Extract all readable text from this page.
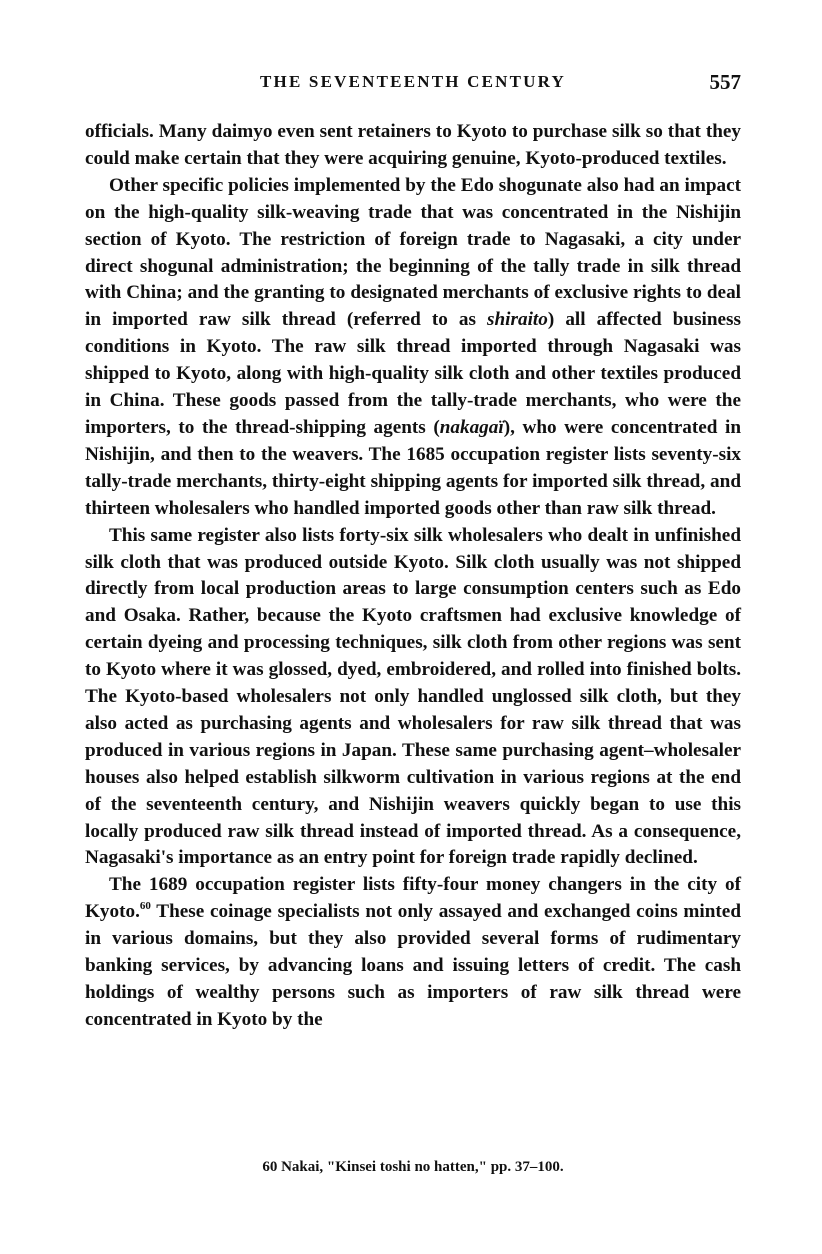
THE SEVENTEENTH CENTURY	557

officials. Many daimyo even sent retainers to Kyoto to purchase silk so that they could make certain that they were acquiring genuine, Kyoto-produced textiles.

Other specific policies implemented by the Edo shogunate also had an impact on the high-quality silk-weaving trade that was concentrated in the Nishijin section of Kyoto. The restriction of foreign trade to Nagasaki, a city under direct shogunal administration; the beginning of the tally trade in silk thread with China; and the granting to designated merchants of exclusive rights to deal in imported raw silk thread (referred to as shiraito) all affected business conditions in Kyoto. The raw silk thread imported through Nagasaki was shipped to Kyoto, along with high-quality silk cloth and other textiles produced in China. These goods passed from the tally-trade merchants, who were the importers, to the thread-shipping agents (nakagaï), who were concentrated in Nishijin, and then to the weavers. The 1685 occupation register lists seventy-six tally-trade merchants, thirty-eight shipping agents for imported silk thread, and thirteen wholesalers who handled imported goods other than raw silk thread.

This same register also lists forty-six silk wholesalers who dealt in unfinished silk cloth that was produced outside Kyoto. Silk cloth usually was not shipped directly from local production areas to large consumption centers such as Edo and Osaka. Rather, because the Kyoto craftsmen had exclusive knowledge of certain dyeing and processing techniques, silk cloth from other regions was sent to Kyoto where it was glossed, dyed, embroidered, and rolled into finished bolts. The Kyoto-based wholesalers not only handled unglossed silk cloth, but they also acted as purchasing agents and wholesalers for raw silk thread that was produced in various regions in Japan. These same purchasing agent–wholesaler houses also helped establish silkworm cultivation in various regions at the end of the seventeenth century, and Nishijin weavers quickly began to use this locally produced raw silk thread instead of imported thread. As a consequence, Nagasaki's importance as an entry point for foreign trade rapidly declined.

The 1689 occupation register lists fifty-four money changers in the city of Kyoto.$^{60}$ These coinage specialists not only assayed and exchanged coins minted in various domains, but they also provided several forms of rudimentary banking services, by advancing loans and issuing letters of credit. The cash holdings of wealthy persons such as importers of raw silk thread were concentrated in Kyoto by the

60 Nakai, "Kinsei toshi no hatten," pp. 37–100.
